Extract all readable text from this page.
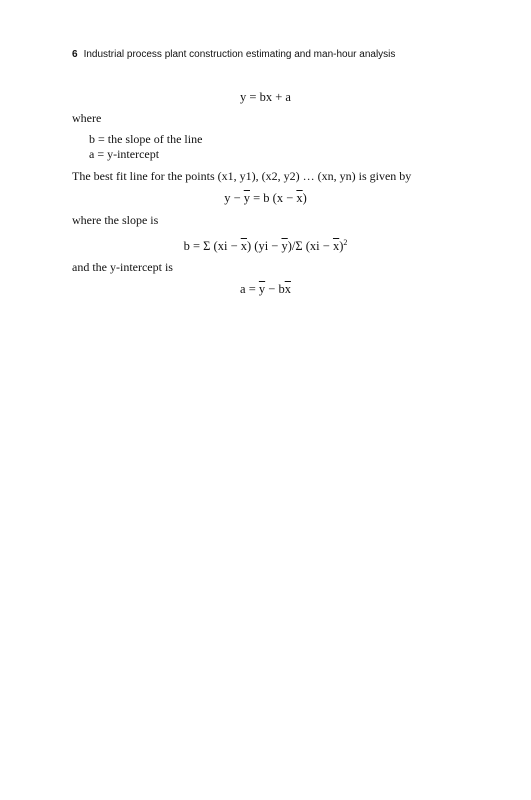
6 Industrial process plant construction estimating and man-hour analysis
y = bx + a
where
b = the slope of the line
a = y-intercept
The best fit line for the points (x1, y1), (x2, y2) … (xn, yn) is given by
$y - \overline{y} = b$ $(x - \overline{x})$
where the slope is
b = Σ $(xi - \overline{x})$ $(yi - \overline{y})/\Sigma$ $(xi - \overline{x})^2$
and the y-intercept is
$a = \overline{y} - b\overline{x}$
